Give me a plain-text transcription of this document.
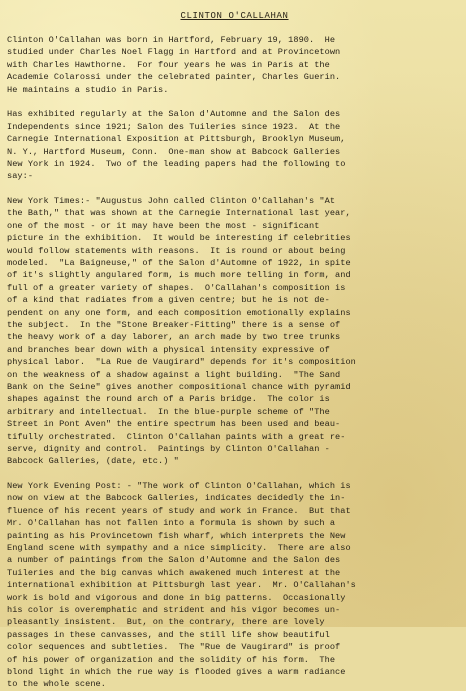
CLINTON O'CALLAHAN
Clinton O'Callahan was born in Hartford, February 19, 1890.  He
studied under Charles Noel Flagg in Hartford and at Provincetown
with Charles Hawthorne.  For four years he was in Paris at the
Academie Colarossi under the celebrated painter, Charles Guerin.
He maintains a studio in Paris.
Has exhibited regularly at the Salon d'Automne and the Salon des
Independents since 1921; Salon des Tuileries since 1923.  At the
Carnegie International Exposition at Pittsburgh, Brooklyn Museum,
N. Y., Hartford Museum, Conn.  One-man show at Babcock Galleries
New York in 1924.  Two of the leading papers had the following to
say:-
New York Times:- "Augustus John called Clinton O'Callahan's "At
the Bath," that was shown at the Carnegie International last year,
one of the most - or it may have been the most - significant
picture in the exhibition.  It would be interesting if celebrities
would follow statements with reasons.  It is round or about being
modeled.  "La Baigneuse," of the Salon d'Automne of 1922, in spite
of it's slightly angulared form, is much more telling in form, and
full of a greater variety of shapes.  O'Callahan's composition is
of a kind that radiates from a given centre; but he is not de-
pendent on any one form, and each composition emotionally explains
the subject.  In the "Stone Breaker-Fitting" there is a sense of
the heavy work of a day laborer, an arch made by two tree trunks
and branches bear down with a physical intensity expressive of
physical labor.  "La Rue de Vaugirard" depends for it's composition
on the weakness of a shadow against a light building.  "The Sand
Bank on the Seine" gives another compositional chance with pyramid
shapes against the round arch of a Paris bridge.  The color is
arbitrary and intellectual.  In the blue-purple scheme of "The
Street in Pont Aven" the entire spectrum has been used and beau-
tifully orchestrated.  Clinton O'Callahan paints with a great re-
serve, dignity and control.  Paintings by Clinton O'Callahan -
Babcock Galleries, (date, etc.) "
New York Evening Post: - "The work of Clinton O'Callahan, which is
now on view at the Babcock Galleries, indicates decidedly the in-
fluence of his recent years of study and work in France.  But that
Mr. O'Callahan has not fallen into a formula is shown by such a
painting as his Provincetown fish wharf, which interprets the New
England scene with sympathy and a nice simplicity.  There are also
a number of paintings from the Salon d'Automne and the Salon des
Tuileries and the big canvas which awakened much interest at the
international exhibition at Pittsburgh last year.  Mr. O'Callahan's
work is bold and vigorous and done in big patterns.  Occasionally
his color is overemphatic and strident and his vigor becomes un-
pleasantly insistent.  But, on the contrary, there are lovely
passages in these canvasses, and the still life show beautiful
color sequences and subtleties.  The "Rue de Vaugirard" is proof
of his power of organization and the solidity of his form.  The
blond light in which the rue way is flooded gives a warm radiance
to the whole scene.
